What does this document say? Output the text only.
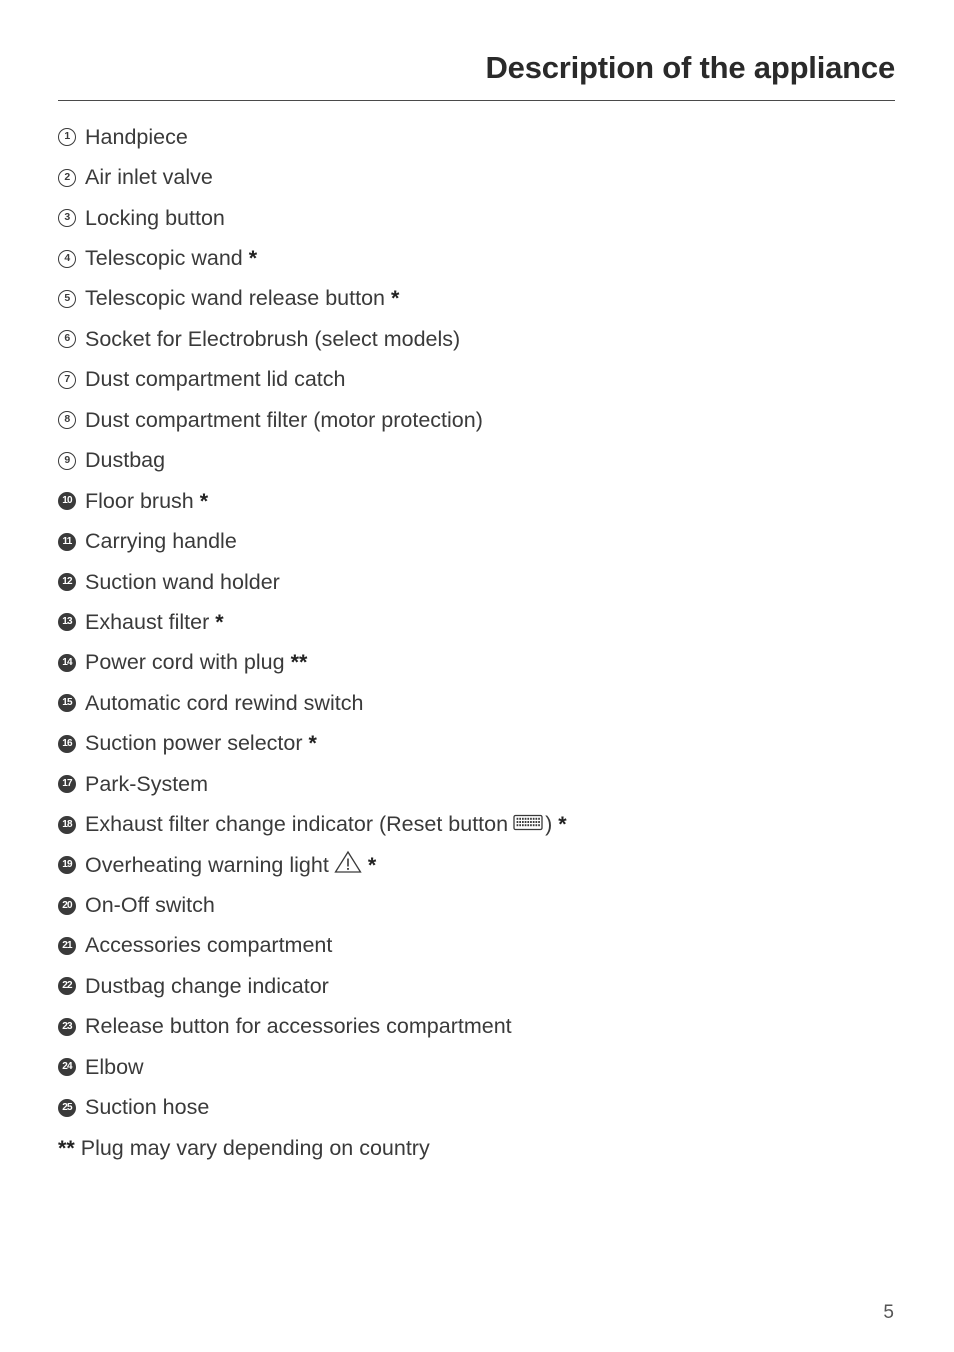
Description of the appliance
1 Handpiece
2 Air inlet valve
3 Locking button
4 Telescopic wand *
5 Telescopic wand release button *
6 Socket for Electrobrush (select models)
7 Dust compartment lid catch
8 Dust compartment filter (motor protection)
9 Dustbag
10 Floor brush *
11 Carrying handle
12 Suction wand holder
13 Exhaust filter *
14 Power cord with plug **
15 Automatic cord rewind switch
16 Suction power selector *
17 Park-System
18 Exhaust filter change indicator (Reset button ) *
19 Overheating warning light *
20 On-Off switch
21 Accessories compartment
22 Dustbag change indicator
23 Release button for accessories compartment
24 Elbow
25 Suction hose
** Plug may vary depending on country
5
